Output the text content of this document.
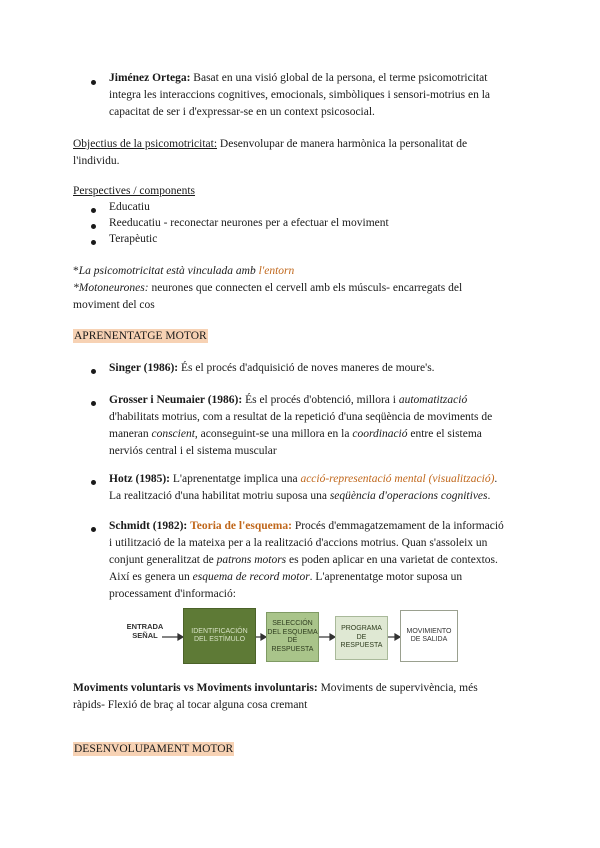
Jiménez Ortega: Basat en una visió global de la persona, el terme psicomotricitat
integra les interaccions cognitives, emocionals, simbòliques i sensori-motrius en la
capacitat de ser i d'expressar-se en un context psicosocial.
Objectius de la psicomotricitat: Desenvolupar de manera harmònica la personalitat de
l'individu.
Perspectives / components
Educatiu
Reeducatiu - reconectar neurones per a efectuar el moviment
Terapèutic
*La psicomotricitat està vinculada amb l'entorn
*Motoneurones: neurones que connecten el cervell amb els músculs- encarregats del
moviment del cos
APRENENTATGE MOTOR
Singer (1986): És el procés d'adquisició de noves maneres de moure's.
Grosser i Neumaier (1986): És el procés d'obtenció, millora i automatització
d'habilitats motrius, com a resultat de la repetició d'una seqüència de moviments de
maneran conscient, aconseguint-se una millora en la coordinació entre el sistema
nerviós central i el sistema muscular
Hotz (1985): L'aprenentatge implica una acció-representació mental (visualització).
La realització d'una habilitat motriu suposa una seqüència d'operacions cognitives.
Schmidt (1982): Teoria de l'esquema: Procés d'emmagatzemament de la informació
i utilització de la mateixa per a la realització d'accions motrius. Quan s'assoleix un
conjunt generalitzat de patrons motors es poden aplicar en una varietat de contextos.
Així es genera un esquema de record motor. L'aprenentatge motor suposa un
processament d'informació:
ENTRADA
SEÑAL	IDENTIFICACIÓN DEL ESTÍMULO
SELECCIÓN DEL ESQUEMA DE RESPUESTA
PROGRAMA DE RESPUESTA
MOVIMIENTO DE SALIDA
Moviments voluntaris vs Moviments involuntaris: Moviments de supervivència, més
ràpids- Flexió de braç al tocar alguna cosa cremant
DESENVOLUPAMENT MOTOR
